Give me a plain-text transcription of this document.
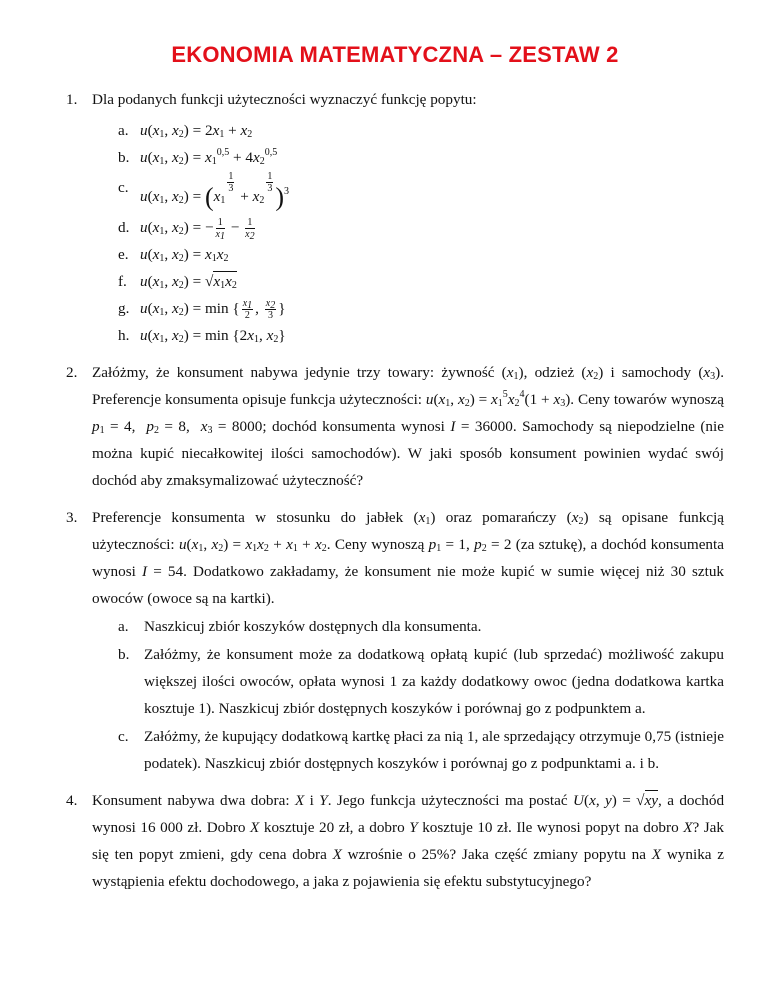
EKONOMIA MATEMATYCZNA – ZESTAW 2
1. Dla podanych funkcji użyteczności wyznaczyć funkcję popytu:
a. $u(x_1$, $x_2) = 2x_1 + x_2$
b. $u(x_1$, $x_2) = x_1^{0,5} + 4x_2^{0,5}$
c.
$u(x_1$, $x_2) = (x_1$
$\frac{1}{3}$
+ $x_2$
$\frac{1}{3}$
)$^3$
d. $u(x_1$, $x_2$) = − $\frac{1}{x_1} - \frac{1}{x_2}$
e. $u(x_1$, $x_2) = x_1x_2$
f. $u(x_1$, $x_2) = √x_1x_2$
g. $u(x_1$, $x_2) = \min$ { $\frac{x_1}{2}$ , $\frac{x_2}{3}$ }
h. $u(x_1$, $x_2) = \min \{2x_1$, $x_2$}
2. Załóżmy, że konsument nabywa jedynie trzy towary: żywność $(x_1)$, odzież $(x_2)$ i samochody $(x_3)$. Preferencje konsumenta opisuje funkcja użyteczności: $u(x_1$, $x_2) = x_1^5x_2^4(1 + x_3)$. Ceny towarów wynoszą $p_1 = 4$,  $p_2 = 8$,  $x_3 = 8000$; dochód konsumenta wynosi I = 36000. Samochody są niepodzielne (nie można kupić niecałkowitej ilości samochodów). W jaki sposób konsument powinien wydać swój dochód aby zmaksymalizować użyteczność?
3. Preferencje konsumenta w stosunku do jabłek $(x_1)$ oraz pomarańczy $(x_2)$ są opisane funkcją użyteczności: $u(x_1$, $x_2) = x_1x_2 + x_1 + x_2$. Ceny wynoszą $p_1 = 1$, $p_2 = 2$ (za sztukę), a dochód konsumenta wynosi I = 54. Dodatkowo zakładamy, że konsument nie może kupić w sumie więcej niż 30 sztuk owoców (owoce są na kartki).
a. Naszkicuj zbiór koszyków dostępnych dla konsumenta.
b. Załóżmy, że konsument może za dodatkową opłatą kupić (lub sprzedać) możliwość zakupu większej ilości owoców, opłata wynosi 1 za każdy dodatkowy owoc (jedna dodatkowa kartka kosztuje 1). Naszkicuj zbiór dostępnych koszyków i porównaj go z podpunktem a.
c. Załóżmy, że kupujący dodatkową kartkę płaci za nią 1, ale sprzedający otrzymuje 0,75 (istnieje podatek). Naszkicuj zbiór dostępnych koszyków i porównaj go z podpunktami a. i b.
4. Konsument nabywa dwa dobra: X i Y. Jego funkcja użyteczności ma postać U(x, y) = √xy, a dochód wynosi 16 000 zł. Dobro X kosztuje 20 zł, a dobro Y kosztuje 10 zł. Ile wynosi popyt na dobro X? Jak się ten popyt zmieni, gdy cena dobra X wzrośnie o 25%? Jaka część zmiany popytu na X wynika z wystąpienia efektu dochodowego, a jaka z pojawienia się efektu substytucyjnego?
